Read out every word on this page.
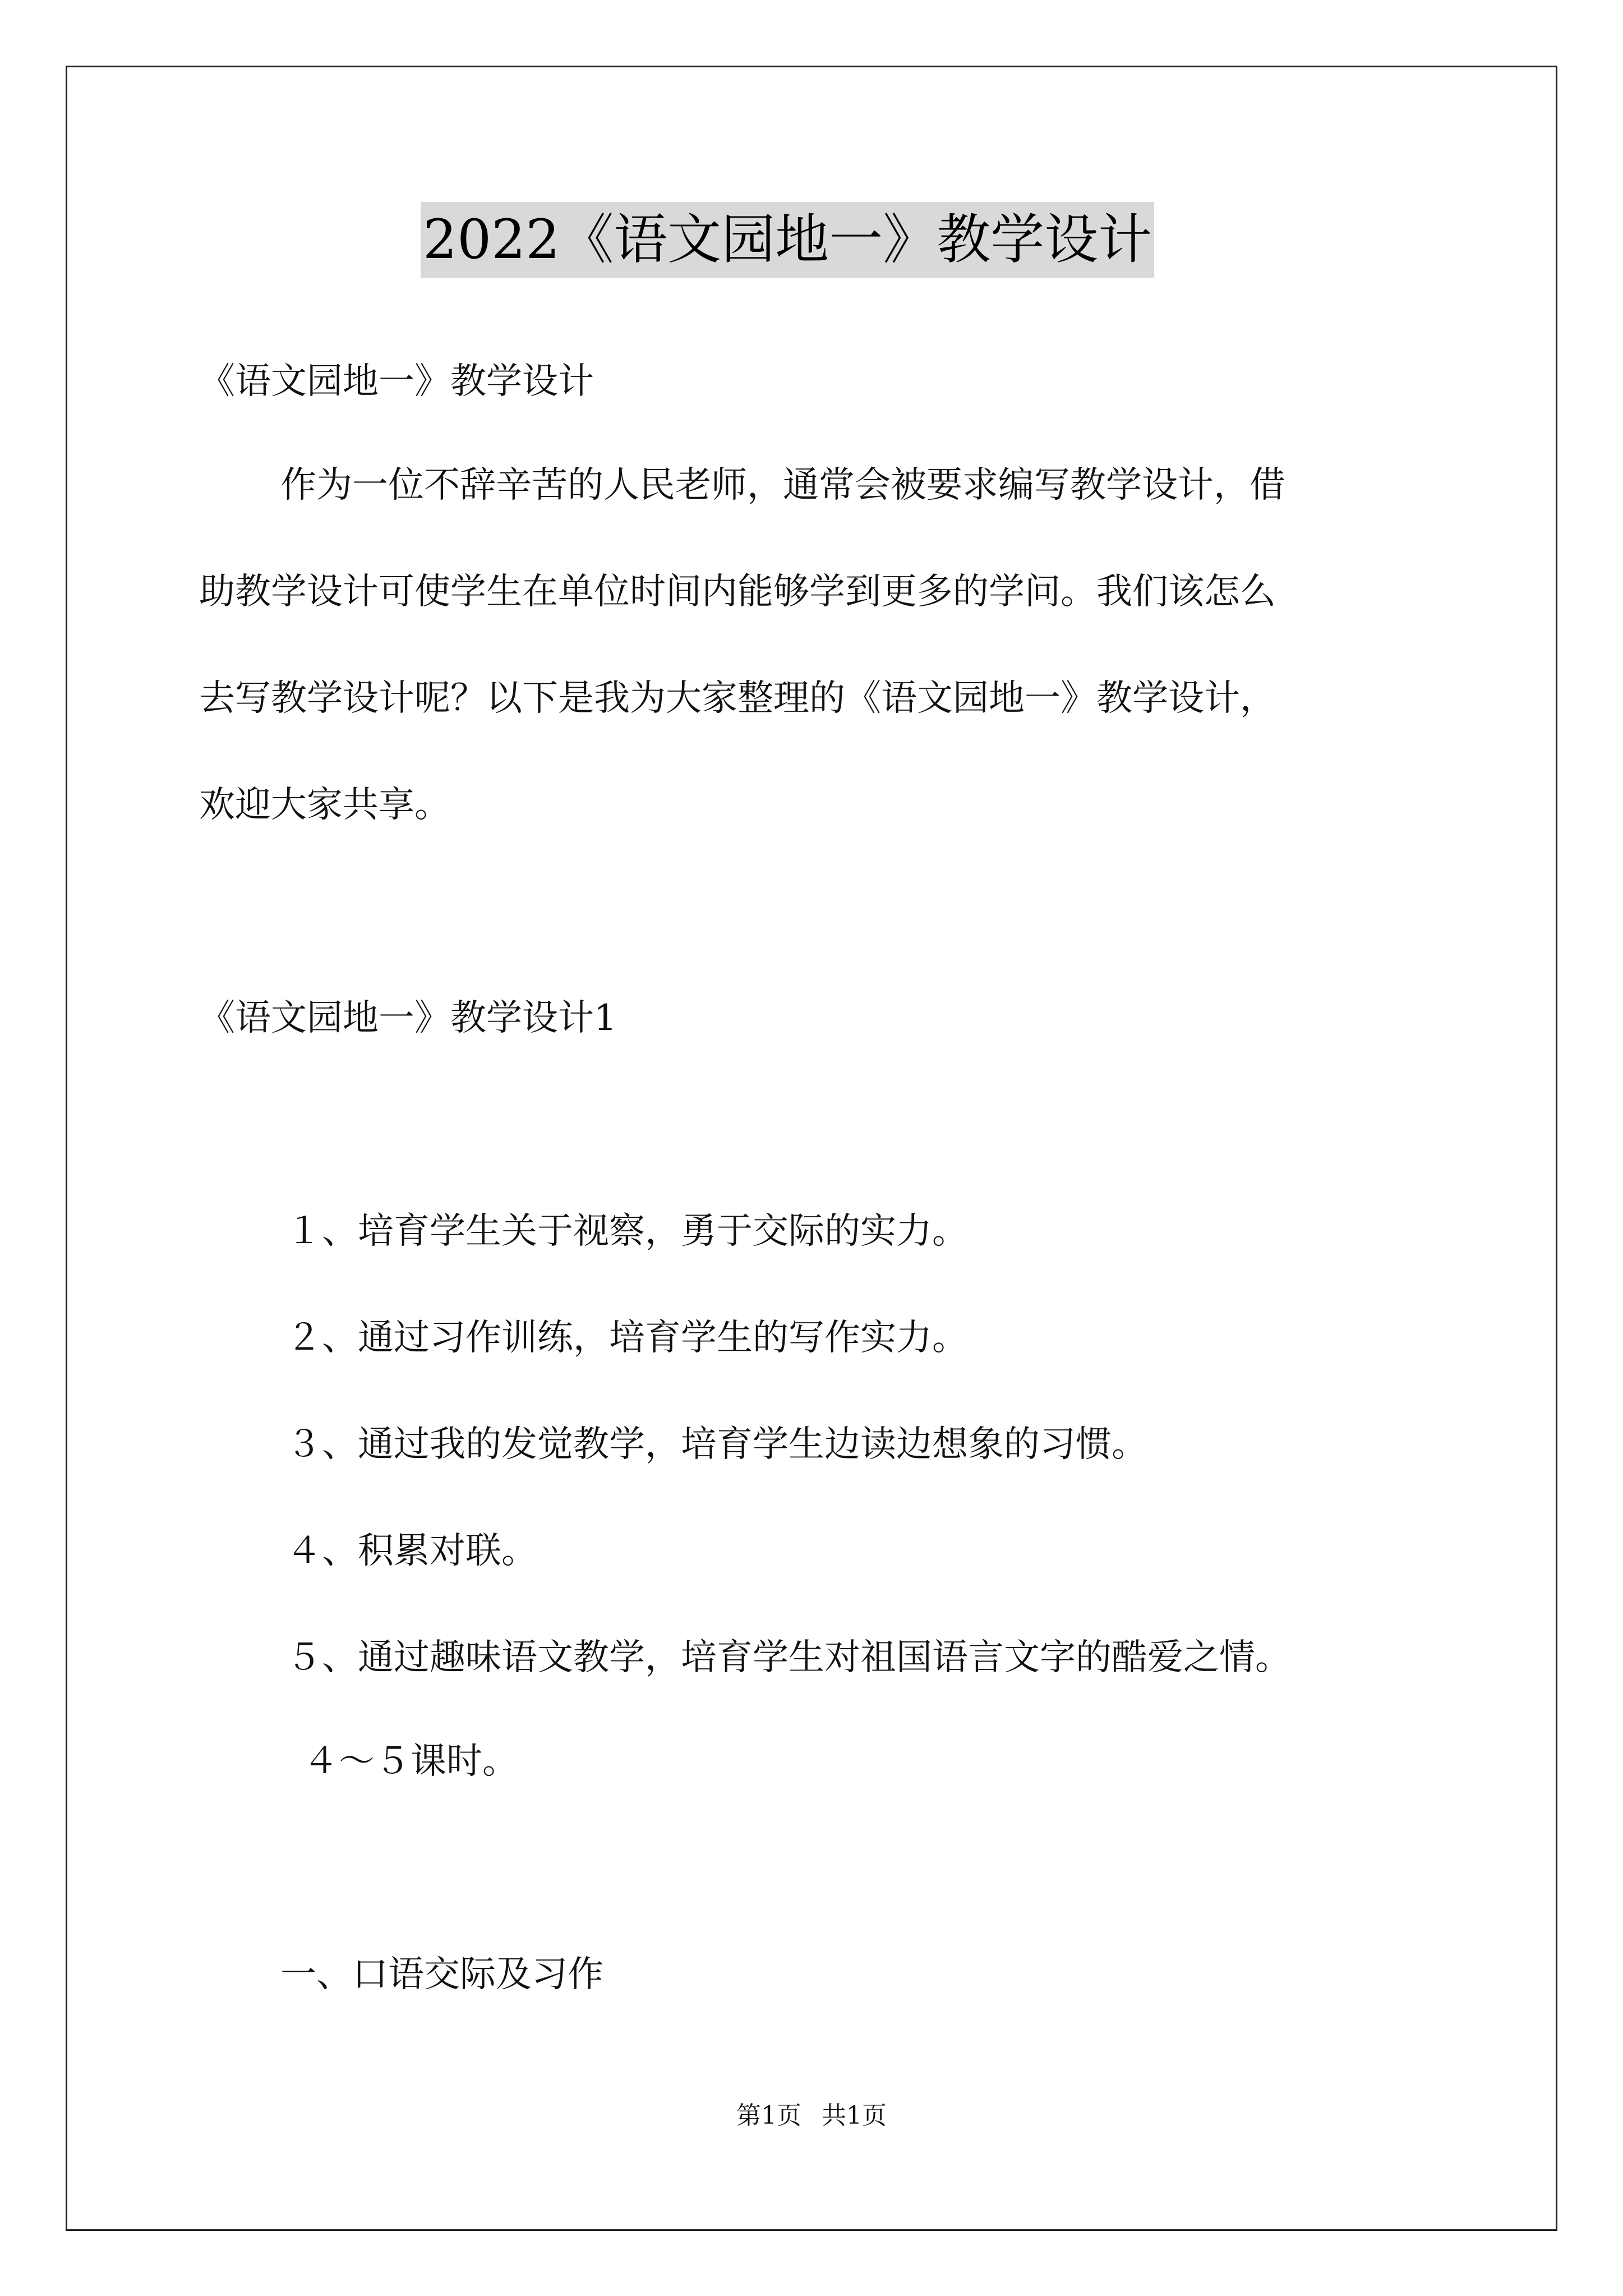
2022《语文园地一》教学设计
《语文园地一》教学设计
作为一位不辞辛苦的人民老师，通常会被要求编写教学设计，借
助教学设计可使学生在单位时间内能够学到更多的学问。我们该怎么
去写教学设计呢？以下是我为大家整理的《语文园地一》教学设计，
欢迎大家共享。
《语文园地一》教学设计1
１、培育学生关于视察，勇于交际的实力。
２、通过习作训练，培育学生的写作实力。
３、通过我的发觉教学，培育学生边读边想象的习惯。
４、积累对联。
５、通过趣味语文教学，培育学生对祖国语言文字的酷爱之情。
４～５课时。
一、口语交际及习作
第1页 共1页
